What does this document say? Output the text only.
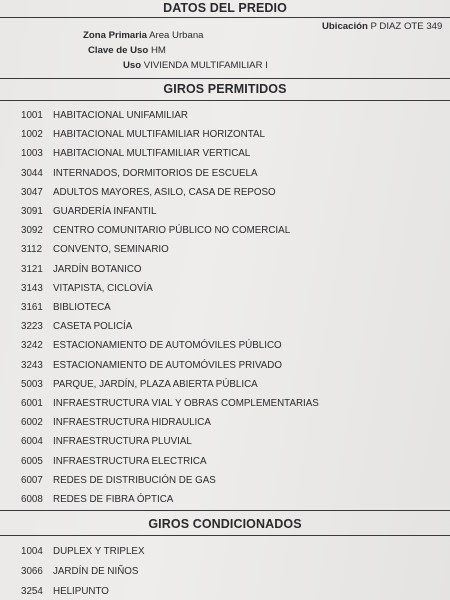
DATOS DEL PREDIO
Zona Primaria Area Urbana
Clave de Uso HM
Uso VIVIENDA MULTIFAMILIAR I
Ubicación P DIAZ OTE 349
GIROS PERMITIDOS
1001 HABITACIONAL UNIFAMILIAR
1002 HABITACIONAL MULTIFAMILIAR HORIZONTAL
1003 HABITACIONAL MULTIFAMILIAR VERTICAL
3044 INTERNADOS, DORMITORIOS DE ESCUELA
3047 ADULTOS MAYORES, ASILO, CASA DE REPOSO
3091 GUARDERÍA INFANTIL
3092 CENTRO COMUNITARIO PÚBLICO NO COMERCIAL
3112 CONVENTO, SEMINARIO
3121 JARDÍN BOTANICO
3143 VITAPISTA, CICLOVÍA
3161 BIBLIOTECA
3223 CASETA POLICÍA
3242 ESTACIONAMIENTO DE AUTOMÓVILES PÚBLICO
3243 ESTACIONAMIENTO DE AUTOMÓVILES PRIVADO
5003 PARQUE, JARDÍN, PLAZA ABIERTA PÚBLICA
6001 INFRAESTRUCTURA VIAL Y OBRAS COMPLEMENTARIAS
6002 INFRAESTRUCTURA HIDRAULICA
6004 INFRAESTRUCTURA PLUVIAL
6005 INFRAESTRUCTURA ELECTRICA
6007 REDES DE DISTRIBUCIÓN DE GAS
6008 REDES DE FIBRA ÓPTICA
GIROS CONDICIONADOS
1004 DUPLEX Y TRIPLEX
3066 JARDÍN DE NIÑOS
3254 HELIPUNTO
